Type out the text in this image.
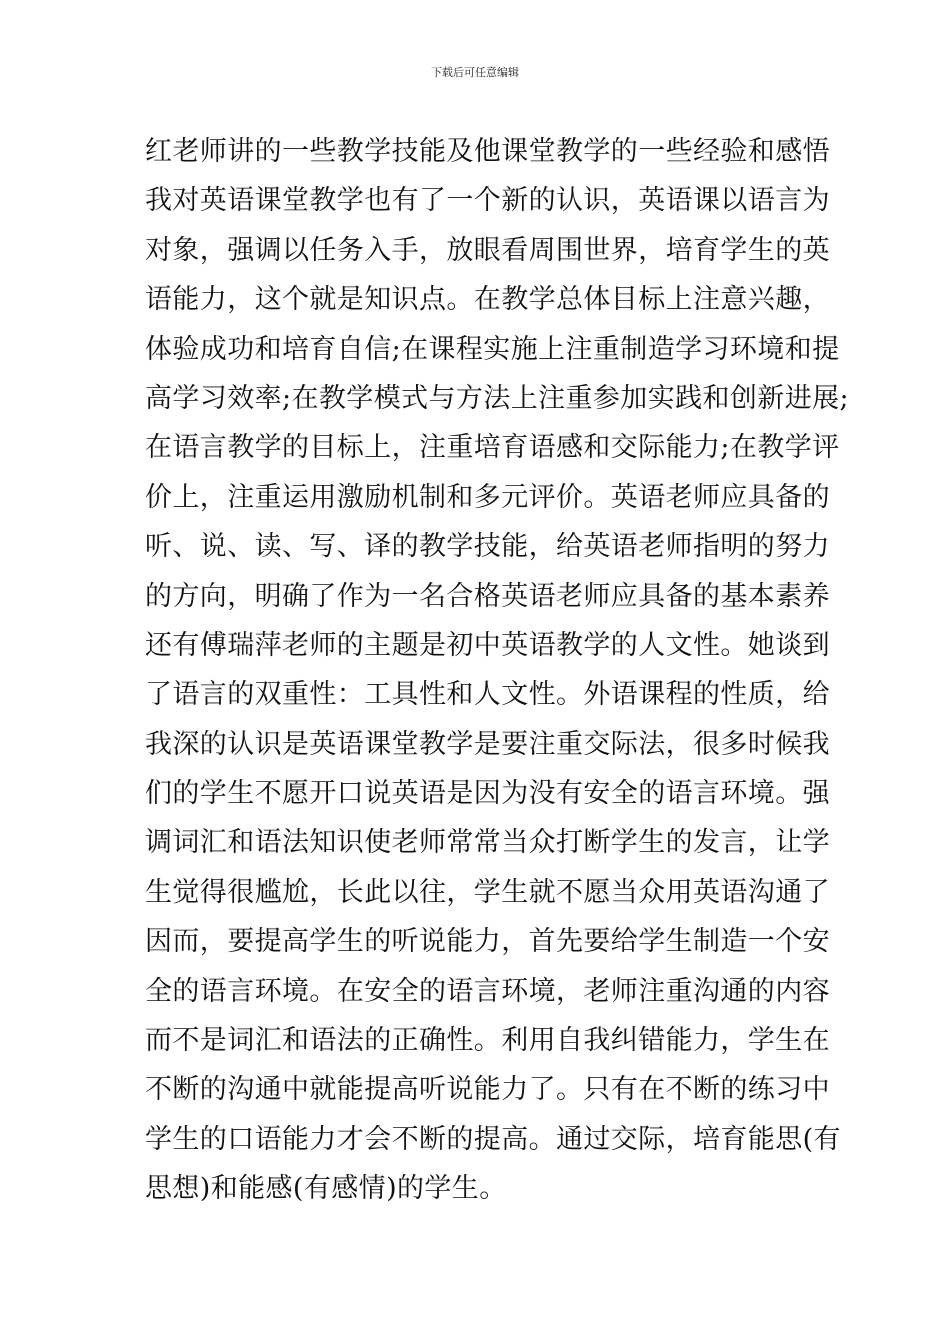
下载后可任意编辑
红老师讲的一些教学技能及他课堂教学的一些经验和感悟
我对英语课堂教学也有了一个新的认识，英语课以语言为
对象，强调以任务入手，放眼看周围世界，培育学生的英
语能力，这个就是知识点。在教学总体目标上注意兴趣，
体验成功和培育自信;在课程实施上注重制造学习环境和提
高学习效率;在教学模式与方法上注重参加实践和创新进展;
在语言教学的目标上，注重培育语感和交际能力;在教学评
价上，注重运用激励机制和多元评价。英语老师应具备的
听、说、读、写、译的教学技能，给英语老师指明的努力
的方向，明确了作为一名合格英语老师应具备的基本素养
还有傅瑞萍老师的主题是初中英语教学的人文性。她谈到
了语言的双重性：工具性和人文性。外语课程的性质，给
我深的认识是英语课堂教学是要注重交际法，很多时候我
们的学生不愿开口说英语是因为没有安全的语言环境。强
调词汇和语法知识使老师常常当众打断学生的发言，让学
生觉得很尴尬，长此以往，学生就不愿当众用英语沟通了
因而，要提高学生的听说能力，首先要给学生制造一个安
全的语言环境。在安全的语言环境，老师注重沟通的内容
而不是词汇和语法的正确性。利用自我纠错能力，学生在
不断的沟通中就能提高听说能力了。只有在不断的练习中
学生的口语能力才会不断的提高。通过交际，培育能思(有
思想)和能感(有感情)的学生。
